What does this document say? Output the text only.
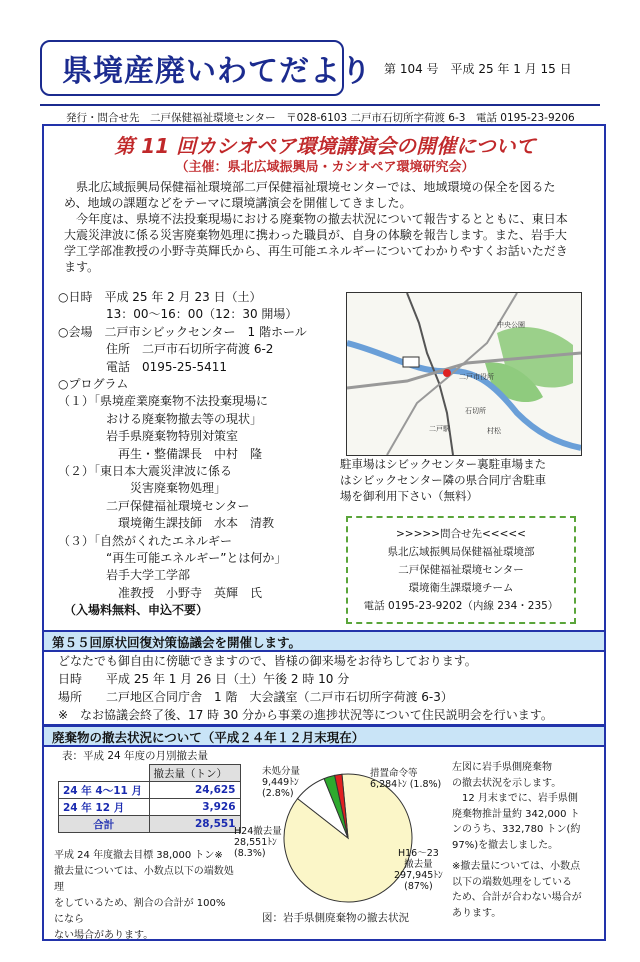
県境産廃いわてだより 第 104 号　平成 25 年 1 月 15 日
発行・問合せ先　二戸保健福祉環境センター　〒028-6103 二戸市石切所字荷渡 6-3　電話 0195-23-9206
第 11 回カシオペア環境講演会の開催について
（主催：県北広域振興局・カシオペア環境研究会）
県北広域振興局保健福祉環境部二戸保健福祉環境センターでは、地域環境の保全を図るた
め、地域の課題などをテーマに環境講演会を開催してきました。
今年度は、県境不法投棄現場における廃棄物の撤去状況について報告するとともに、東日本
大震災津波に係る災害廃棄物処理に携わった職員が、自身の体験を報告します。また、岩手大
学工学部准教授の小野寺英輝氏から、再生可能エネルギーについてわかりやすくお話いただき
ます。
○日時　平成 25 年 2 月 23 日（土）
　　　　13：00～16：00（12：30 開場）
○会場　二戸市シビックセンター　1 階ホール
　　　　住所　二戸市石切所字荷渡 6-2
　　　　電話　0195-25-5411
○プログラム
（１）「県境産業廃棄物不法投棄現場に
　　　　おける廃棄物撤去等の現状」
　　　　岩手県廃棄物特別対策室
　　　　　再生・整備課長　中村　隆
（２）「東日本大震災津波に係る
　　　　　　災害廃棄物処理」
　　　　二戸保健福祉環境センター
　　　　　環境衛生課技師　水本　清教
（３）「自然がくれたエネルギー
　　　　“再生可能エネルギー”とは何か」
　　　　岩手大学工学部
　　　　　准教授　小野寺　英輝　氏
（入場料無料、申込不要）
二戸市役所
中央公園
石切所
二戸駅	村松
駐車場はシビックセンター裏駐車場また
はシビックセンター隣の県合同庁舎駐車
場を御利用下さい（無料）
>>>>>問合せ先<<<<<
県北広域振興局保健福祉環境部
二戸保健福祉環境センター
環境衛生課環境チーム
電話 0195-23-9202（内線 234・235）
第５５回原状回復対策協議会を開催します。
どなたでも御自由に傍聴できますので、皆様の御来場をお待ちしております。
日時　　平成 25 年 1 月 26 日（土）午後 2 時 10 分
場所　　二戸地区合同庁舎　1 階　大会議室（二戸市石切所字荷渡 6-3）
※　なお協議会終了後、17 時 30 分から事業の進捗状況等について住民説明会を行います。
廃棄物の撤去状況について（平成２４年１２月末現在）
表：平成 24 年度の月別撤去量
	撤去量（トン）
24 年 4～11 月	24,625
24 年 12 月	3,926
合計	28,551
平成 24 年度撤去目標 38,000 トン※
撤去量については、小数点以下の端数処理
をしているため、割合の合計が 100%になら
ない場合があります。
未処分量
9,449ﾄﾝ
(2.8%)
措置命令等
6,284ﾄﾝ (1.8%)
H24撤去量
28,551ﾄﾝ
(8.3%)	H16～23
撤去量
297,945ﾄﾝ
(87%)
図：岩手県側廃棄物の撤去状況
左図に岩手県側廃棄物
の撤去状況を示します。
　12 月末までに、岩手県側
廃棄物推計量約 342,000 ト
ンのうち、332,780 トン(約
97%)を撤去しました。
※撤去量については、小数点
以下の端数処理をしている
ため、合計が合わない場合が
あります。
